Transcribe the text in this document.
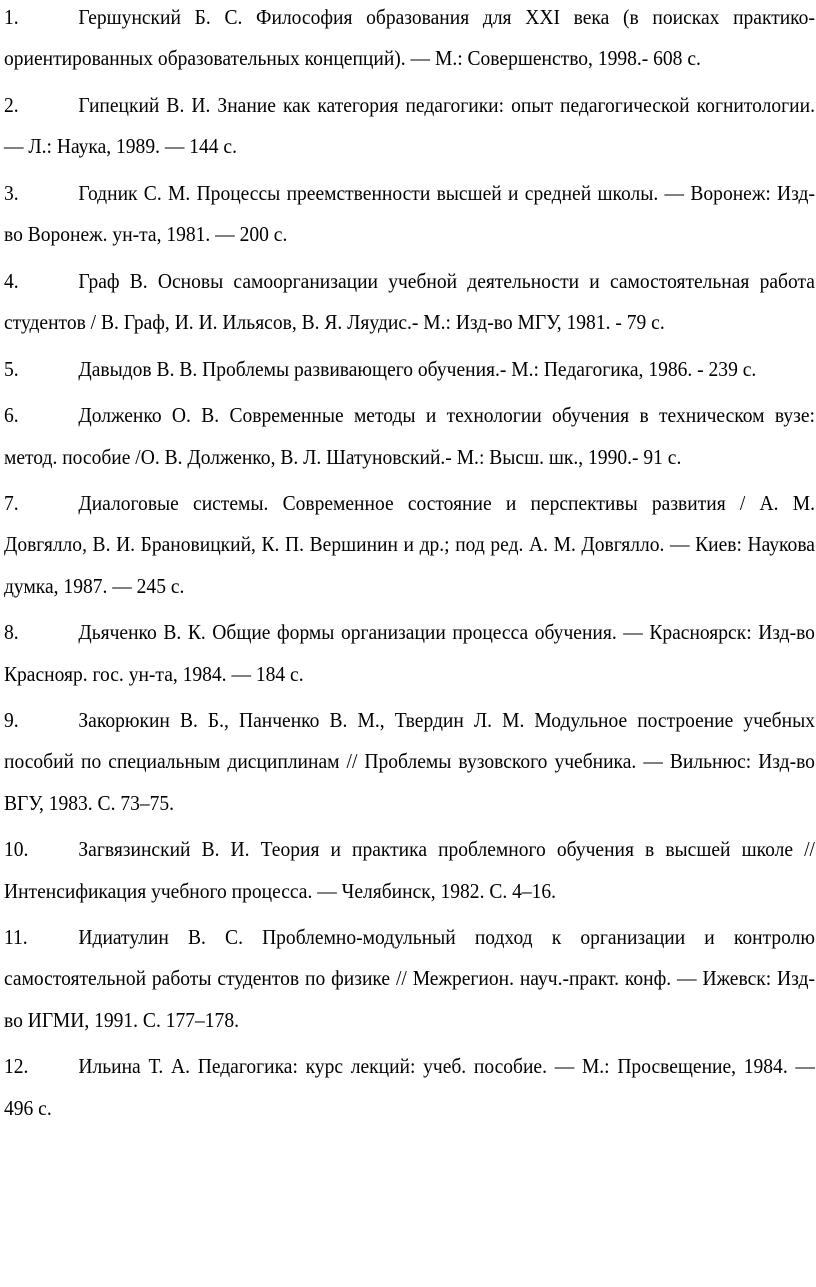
1.	Гершунский Б. С. Философия образования для XXI века (в поисках практико-ориентированных образовательных концепций). — М.: Совершенство, 1998.- 608 с.

2.	Гипецкий В. И. Знание как категория педагогики: опыт педагогической когнитологии. — Л.: Наука, 1989. — 144 с.

3.	Годник С. М. Процессы преемственности высшей и средней школы. — Воронеж: Изд-во Воронеж. ун-та, 1981. — 200 с.

4.	Граф В. Основы самоорганизации учебной деятельности и самостоятельная работа студентов / В. Граф, И. И. Ильясов, В. Я. Ляудис.- М.: Изд-во МГУ, 1981. - 79 с.

5.	Давыдов В. В. Проблемы развивающего обучения.- М.: Педагогика, 1986. - 239 с.

6.	Долженко О. В. Современные методы и технологии обучения в техническом вузе: метод. пособие /О. В. Долженко, В. Л. Шатуновский.- М.: Высш. шк., 1990.- 91 с.

7.	Диалоговые системы. Современное состояние и перспективы развития / А. М. Довгялло, В. И. Брановицкий, К. П. Вершинин и др.; под ред. А. М. Довгялло. — Киев: Наукова думка, 1987. — 245 с.

8.	Дьяченко В. К. Общие формы организации процесса обучения. — Красноярск: Изд-во Краснояр. гос. ун-та, 1984. — 184 с.

9.	Закорюкин В. Б., Панченко В. М., Твердин Л. М. Модульное построение учебных пособий по специальным дисциплинам // Проблемы вузовского учебника. — Вильнюс: Изд-во ВГУ, 1983. С. 73–75.

10. Загвязинский В. И. Теория и практика проблемного обучения в высшей школе // Интенсификация учебного процесса. — Челябинск, 1982. С. 4–16.

11. Идиатулин В. С. Проблемно-модульный подход к организации и контролю самостоятельной работы студентов по физике // Межрегион. науч.-практ. конф. — Ижевск: Изд-во ИГМИ, 1991. С. 177–178.

12. Ильина Т. А. Педагогика: курс лекций: учеб. пособие. — М.: Просвещение, 1984. — 496 с.
